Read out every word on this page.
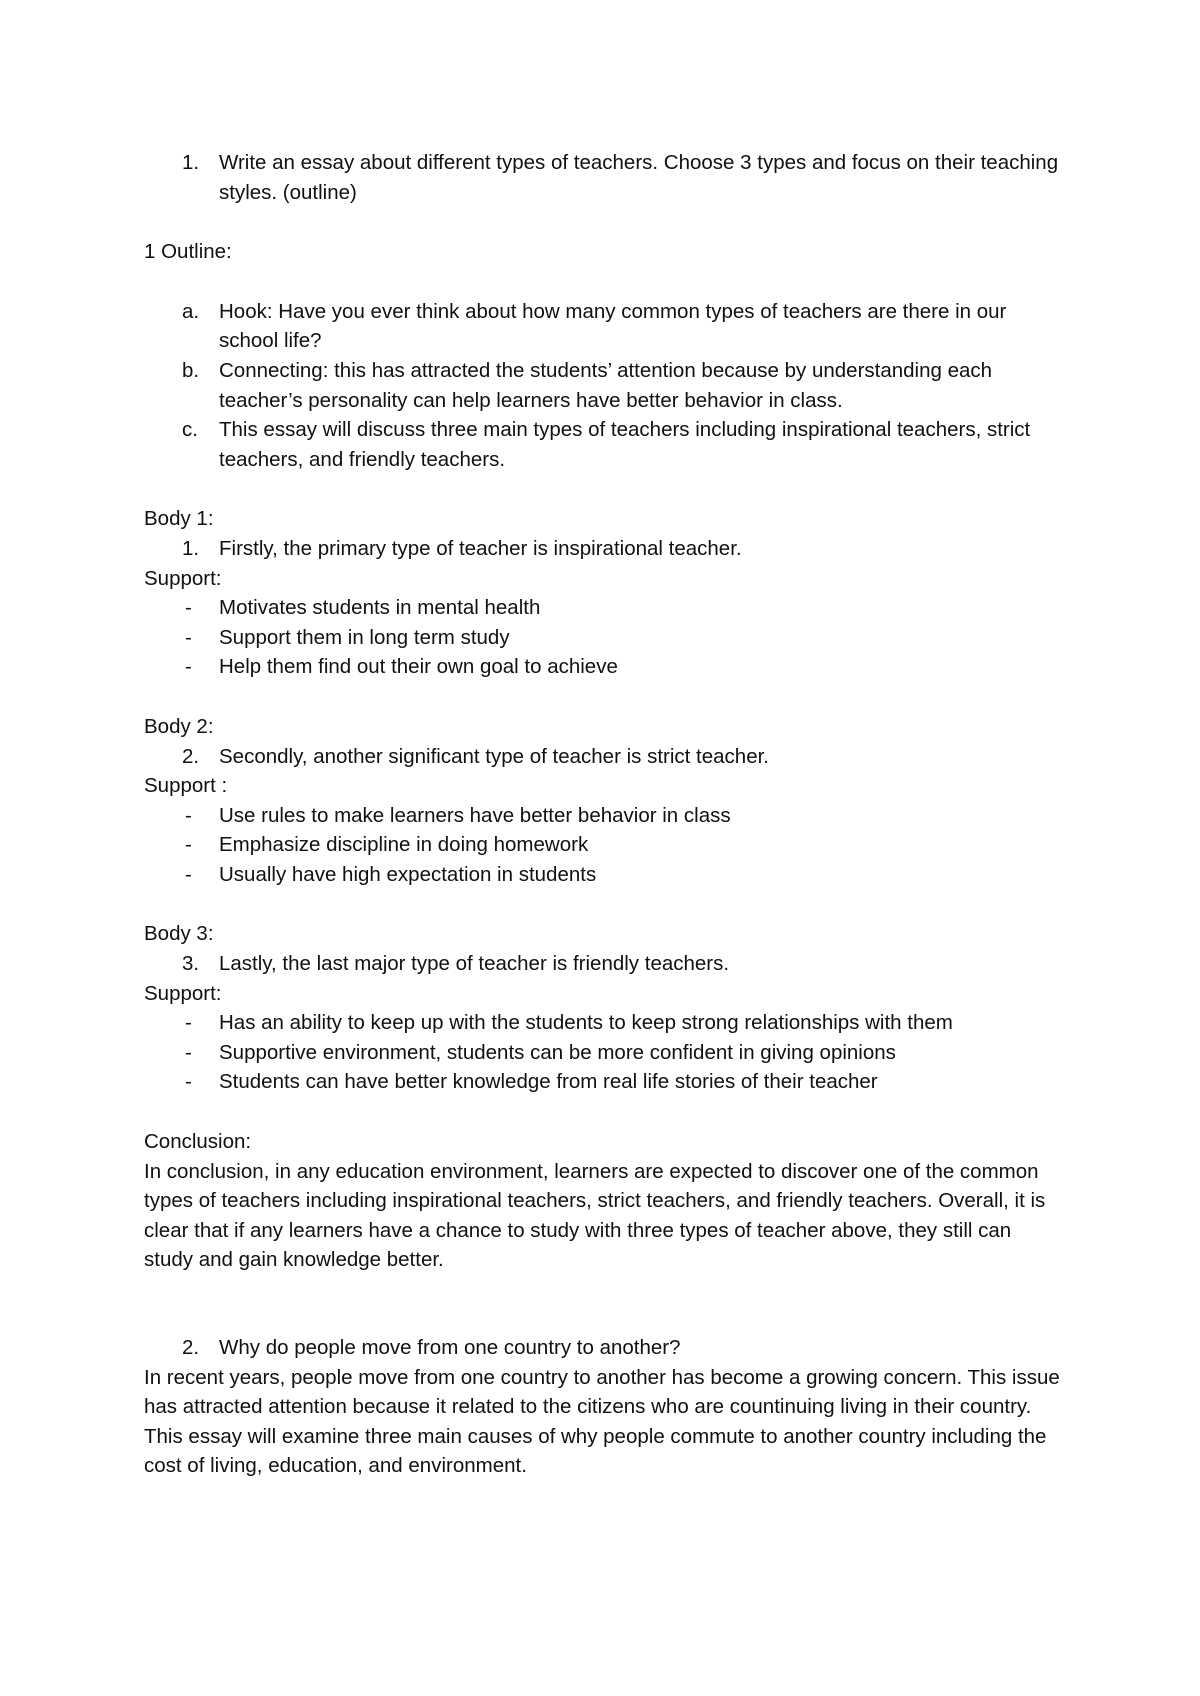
1. Write an essay about different types of teachers. Choose 3 types and focus on their teaching styles. (outline)

1 Outline:

a. Hook: Have you ever think about how many common types of teachers are there in our school life?

b. Connecting: this has attracted the students’ attention because by understanding each teacher’s personality can help learners have better behavior in class.

c. This essay will discuss three main types of teachers including inspirational teachers, strict teachers, and friendly teachers.

Body 1:

1. Firstly, the primary type of teacher is inspirational teacher.

Support:

- Motivates students in mental health

- Support them in long term study

- Help them find out their own goal to achieve

Body 2:

2. Secondly, another significant type of teacher is strict teacher.

Support :

- Use rules to make learners have better behavior in class

- Emphasize discipline in doing homework

- Usually have high expectation in students

Body 3:

3. Lastly, the last major type of teacher is friendly teachers.

Support:

- Has an ability to keep up with the students to keep strong relationships with them

- Supportive environment, students can be more confident in giving opinions

- Students can have better knowledge from real life stories of their teacher

Conclusion:

In conclusion, in any education environment, learners are expected to discover one of the common types of teachers including inspirational teachers, strict teachers, and friendly teachers. Overall, it is clear that if any learners have a chance to study with three types of teacher above, they still can study and gain knowledge better.

2. Why do people move from one country to another?

In recent years, people move from one country to another has become a growing concern. This issue has attracted attention because it related to the citizens who are countinuing living in their country. This essay will examine three main causes of why people commute to another country including the cost of living, education, and environment.
